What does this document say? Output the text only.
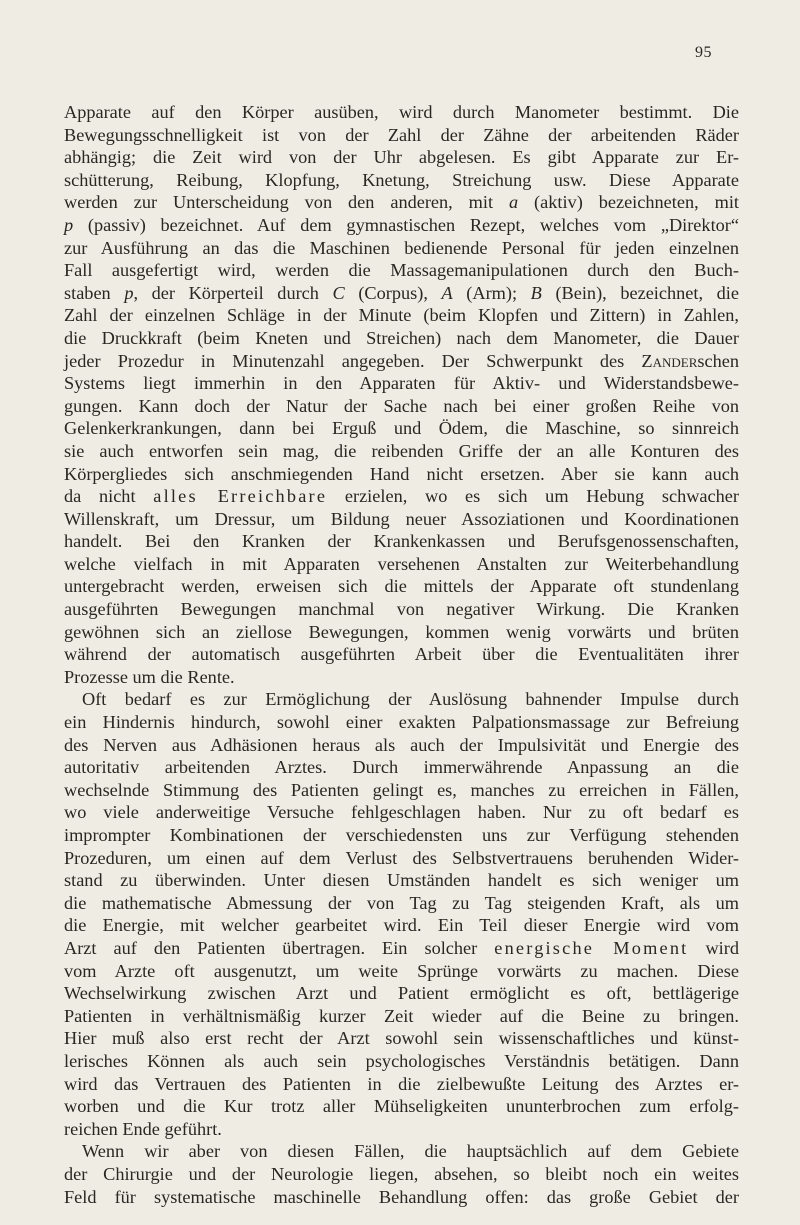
95
Apparate auf den Körper ausüben, wird durch Manometer bestimmt. Die
Bewegungsschnelligkeit ist von der Zahl der Zähne der arbeitenden Räder
abhängig; die Zeit wird von der Uhr abgelesen. Es gibt Apparate zur Er-
schütterung, Reibung, Klopfung, Knetung, Streichung usw. Diese Apparate
werden zur Unterscheidung von den anderen, mit a (aktiv) bezeichneten, mit
p (passiv) bezeichnet. Auf dem gymnastischen Rezept, welches vom „Direktor“
zur Ausführung an das die Maschinen bedienende Personal für jeden einzelnen
Fall ausgefertigt wird, werden die Massagemanipulationen durch den Buch-
staben p, der Körperteil durch C (Corpus), A (Arm); B (Bein), bezeichnet, die
Zahl der einzelnen Schläge in der Minute (beim Klopfen und Zittern) in Zahlen,
die Druckkraft (beim Kneten und Streichen) nach dem Manometer, die Dauer
jeder Prozedur in Minutenzahl angegeben. Der Schwerpunkt des Zanderschen
Systems liegt immerhin in den Apparaten für Aktiv- und Widerstandsbewe-
gungen. Kann doch der Natur der Sache nach bei einer großen Reihe von
Gelenkerkrankungen, dann bei Erguß und Ödem, die Maschine, so sinnreich
sie auch entworfen sein mag, die reibenden Griffe der an alle Konturen des
Körpergliedes sich anschmiegenden Hand nicht ersetzen. Aber sie kann auch
da nicht alles Erreichbare erzielen, wo es sich um Hebung schwacher
Willenskraft, um Dressur, um Bildung neuer Assoziationen und Koordinationen
handelt. Bei den Kranken der Krankenkassen und Berufsgenossenschaften,
welche vielfach in mit Apparaten versehenen Anstalten zur Weiterbehandlung
untergebracht werden, erweisen sich die mittels der Apparate oft stundenlang
ausgeführten Bewegungen manchmal von negativer Wirkung. Die Kranken
gewöhnen sich an ziellose Bewegungen, kommen wenig vorwärts und brüten
während der automatisch ausgeführten Arbeit über die Eventualitäten ihrer
Prozesse um die Rente.
Oft bedarf es zur Ermöglichung der Auslösung bahnender Impulse durch
ein Hindernis hindurch, sowohl einer exakten Palpationsmassage zur Befreiung
des Nerven aus Adhäsionen heraus als auch der Impulsivität und Energie des
autoritativ arbeitenden Arztes. Durch immerwährende Anpassung an die
wechselnde Stimmung des Patienten gelingt es, manches zu erreichen in Fällen,
wo viele anderweitige Versuche fehlgeschlagen haben. Nur zu oft bedarf es
imprompter Kombinationen der verschiedensten uns zur Verfügung stehenden
Prozeduren, um einen auf dem Verlust des Selbstvertrauens beruhenden Wider-
stand zu überwinden. Unter diesen Umständen handelt es sich weniger um
die mathematische Abmessung der von Tag zu Tag steigenden Kraft, als um
die Energie, mit welcher gearbeitet wird. Ein Teil dieser Energie wird vom
Arzt auf den Patienten übertragen. Ein solcher energische Moment wird
vom Arzte oft ausgenutzt, um weite Sprünge vorwärts zu machen. Diese
Wechselwirkung zwischen Arzt und Patient ermöglicht es oft, bettlägerige
Patienten in verhältnismäßig kurzer Zeit wieder auf die Beine zu bringen.
Hier muß also erst recht der Arzt sowohl sein wissenschaftliches und künst-
lerisches Können als auch sein psychologisches Verständnis betätigen. Dann
wird das Vertrauen des Patienten in die zielbewußte Leitung des Arztes er-
worben und die Kur trotz aller Mühseligkeiten ununterbrochen zum erfolg-
reichen Ende geführt.
Wenn wir aber von diesen Fällen, die hauptsächlich auf dem Gebiete
der Chirurgie und der Neurologie liegen, absehen, so bleibt noch ein weites
Feld für systematische maschinelle Behandlung offen: das große Gebiet der
